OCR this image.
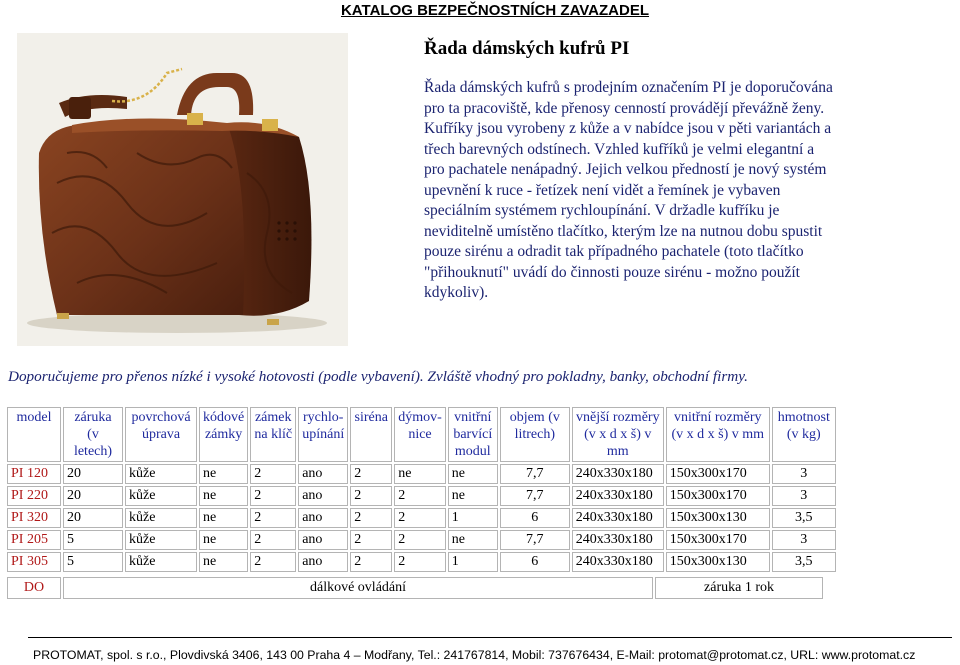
KATALOG BEZPEČNOSTNÍCH ZAVAZADEL
Řada dámských kufrů PI
Řada dámských kufrů s prodejním označením PI je doporučována pro ta pracoviště, kde přenosy cenností provádějí převážně ženy. Kufříky jsou vyrobeny z kůže a v nabídce jsou v pěti variantách a třech barevných odstínech. Vzhled kufříků je velmi elegantní a pro pachatele nenápadný. Jejich velkou předností je nový systém upevnění k ruce - řetízek není vidět a řemínek je vybaven speciálním systémem rychloupínání. V držadle kufříku je neviditelně umístěno tlačítko, kterým lze na nutnou dobu spustit pouze sirénu a odradit tak případného pachatele (toto tlačítko "přihouknutí" uvádí do činnosti pouze sirénu - možno použít kdykoliv).
Doporučujeme pro přenos nízké i vysoké hotovosti (podle vybavení). Zvláště vhodný pro pokladny, banky, obchodní firmy.
model	záruka (v letech)	povrchová úprava	kódové zámky	zámek na klíč	rychlo-upínání	siréna	dýmov-nice	vnitřní barvící modul	objem (v litrech)	vnější rozměry (v x d x š) v mm	vnitřní rozměry (v x d x š) v mm	hmotnost (v kg)
PI 120	20	kůže	ne	2	ano	2	ne	ne	7,7	240x330x180	150x300x170	3
PI 220	20	kůže	ne	2	ano	2	2	ne	7,7	240x330x180	150x300x170	3
PI 320	20	kůže	ne	2	ano	2	2	1	6	240x330x180	150x300x130	3,5
PI 205	5	kůže	ne	2	ano	2	2	ne	7,7	240x330x180	150x300x170	3
PI 305	5	kůže	ne	2	ano	2	2	1	6	240x330x180	150x300x130	3,5
DO	dálkové ovládání	záruka 1 rok
PROTOMAT, spol. s r.o., Plovdivská 3406, 143 00 Praha 4 – Modřany, Tel.: 241767814, Mobil: 737676434, E-Mail: protomat@protomat.cz, URL: www.protomat.cz
